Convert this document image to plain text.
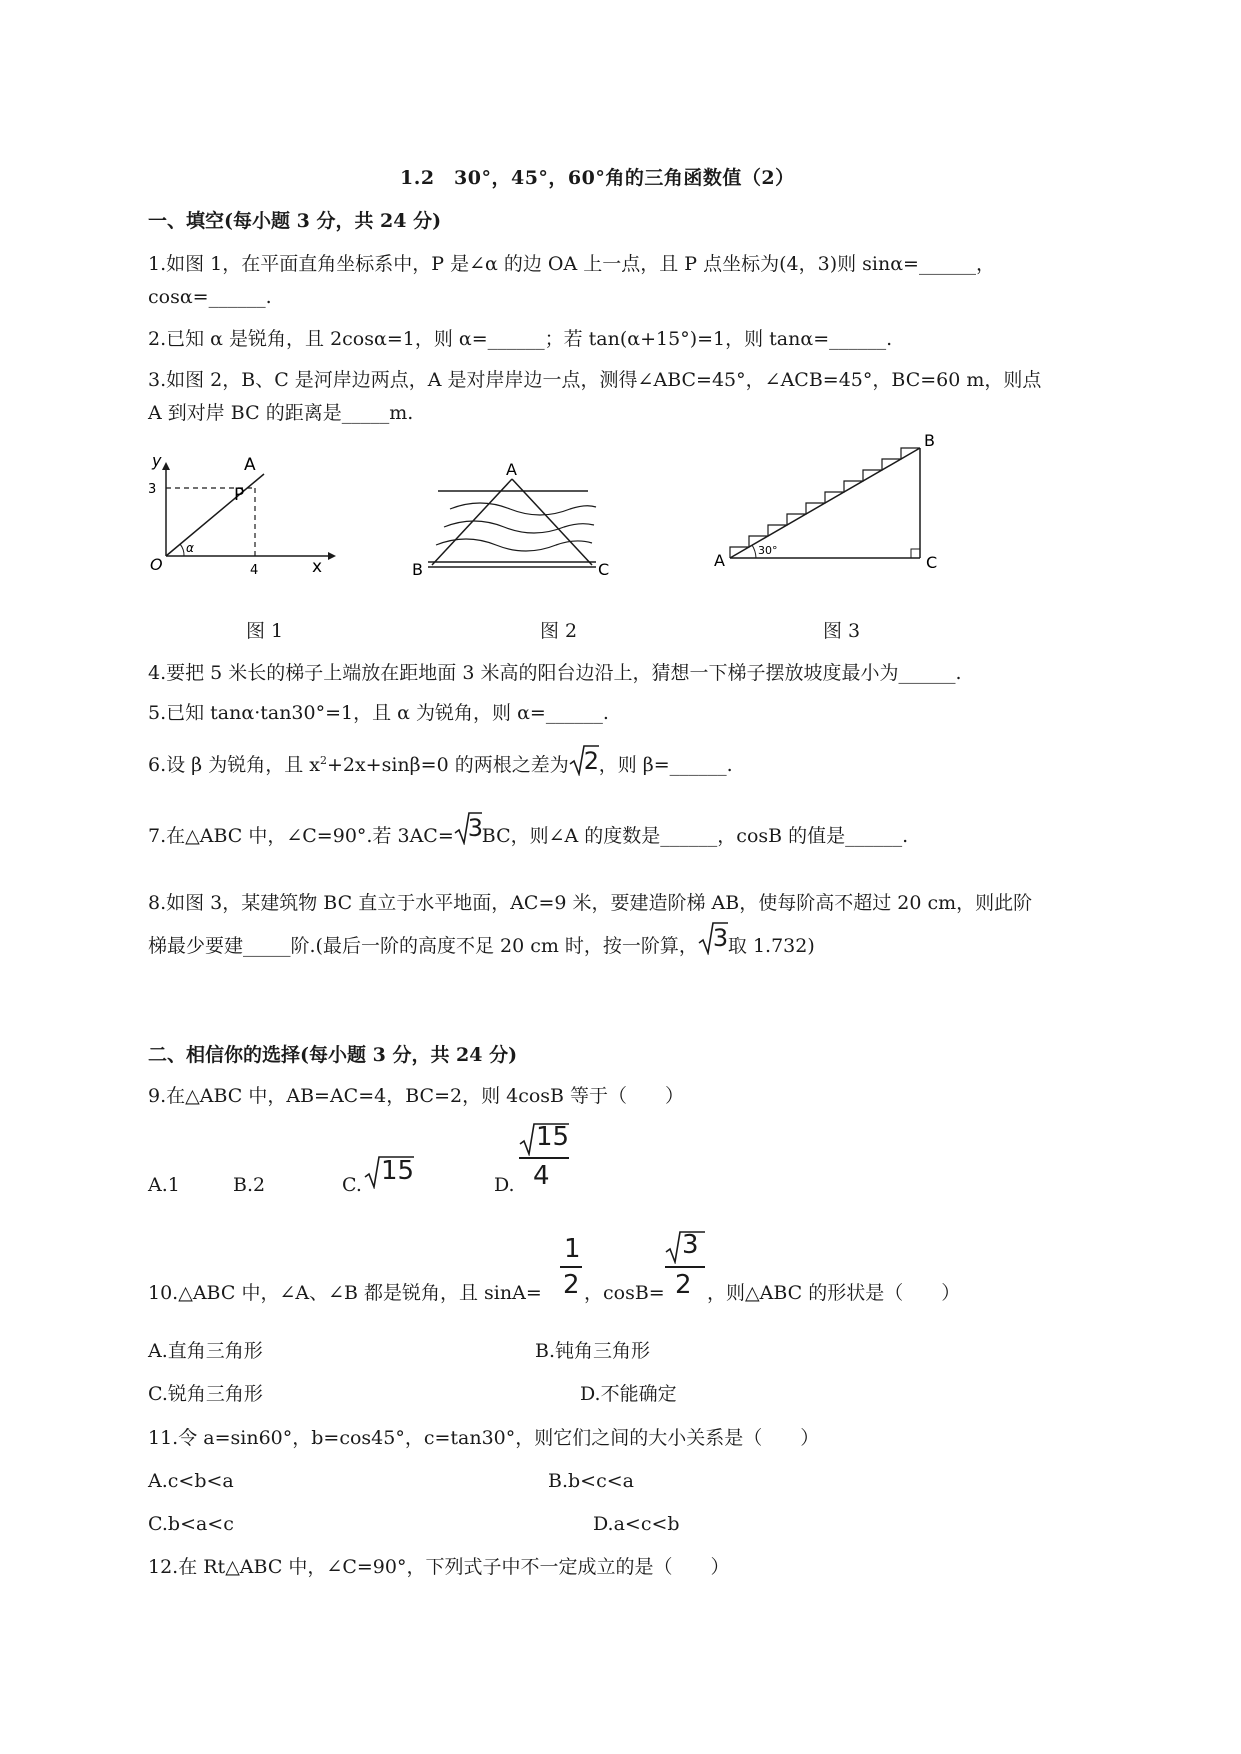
1.2　30°，45°，60°角的三角函数值（2）
一、填空(每小题 3 分，共 24 分)
1.如图 1，在平面直角坐标系中，P 是∠α 的边 OA 上一点，且 P 点坐标为(4，3)则 sinα=______，
cosα=______.
2.已知 α 是锐角，且 2cosα=1，则 α=______；若 tan(α+15°)=1，则 tanα=______.
3.如图 2，B、C 是河岸边两点，A 是对岸岸边一点，测得∠ABC=45°，∠ACB=45°，BC=60 m，则点
A 到对岸 BC 的距离是_____m.
y
3
A
P
α
O	4	x
A
B	C
30°
A
B
C
图 1	图 2	图 3
4.要把 5 米长的梯子上端放在距地面 3 米高的阳台边沿上，猜想一下梯子摆放坡度最小为______.
5.已知 tanα·tan30°=1，且 α 为锐角，则 α=______.
6.设 β 为锐角，且 $x^2+2x+\sin\beta=0$ 的两根之差为 2 ，则 β=______.
7.在△ABC 中，∠C=90°.若 3AC= 3
BC，则∠A 的度数是______，cosB 的值是______.
8.如图 3，某建筑物 BC 直立于水平地面，AC=9 米，要建造阶梯 AB，使每阶高不超过 20 cm，则此阶
梯最少要建_____阶.(最后一阶的高度不足 20 cm 时，按一阶算， 3 取 1.732)
二、相信你的选择(每小题 3 分，共 24 分)
9.在△ABC 中，AB=AC=4，BC=2，则 4cosB 等于（　　）
A.1	B.2	C. 15	D.
15
4
10.△ABC 中，∠A、∠B 都是锐角，且 sinA=
1
2 ，cosB=
3
2 ，则△ABC 的形状是（　　）
A.直角三角形	B.钝角三角形
C.锐角三角形	D.不能确定
11.令 a=sin60°，b=cos45°，c=tan30°，则它们之间的大小关系是（　　）
A.c<b<a	B.b<c<a
C.b<a<c	D.a<c<b
12.在 Rt△ABC 中，∠C=90°，下列式子中不一定成立的是（　　）
